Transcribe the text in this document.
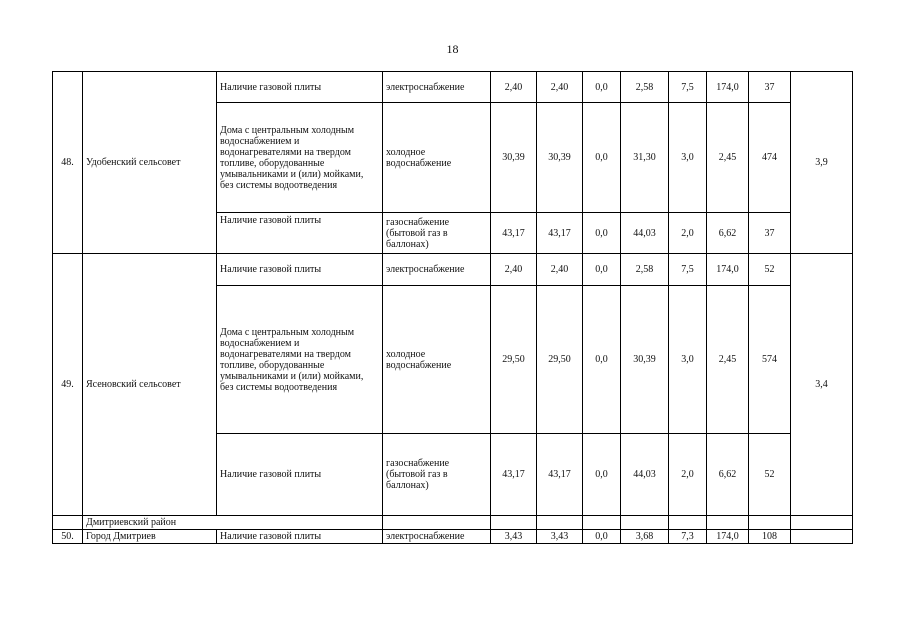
18
48.	Удобенский сельсовет	Наличие газовой плиты	электроснабжение	2,40	2,40	0,0	2,58	7,5	174,0	37	3,9
		Дома с центральным холодным водоснабжением и водонагревателями на твердом топливе, оборудованные умывальниками и (или) мойками, без системы водоотведения	холодное водоснабжение	30,39	30,39	0,0	31,30	3,0	2,45	474	
		Наличие газовой плиты	газоснабжение (бытовой газ в баллонах)	43,17	43,17	0,0	44,03	2,0	6,62	37	
49.	Ясеновский сельсовет	Наличие газовой плиты	электроснабжение	2,40	2,40	0,0	2,58	7,5	174,0	52	3,4
		Дома с центральным холодным водоснабжением и водонагревателями на твердом топливе, оборудованные умывальниками и (или) мойками, без системы водоотведения	холодное водоснабжение	29,50	29,50	0,0	30,39	3,0	2,45	574	
		Наличие газовой плиты	газоснабжение (бытовой газ в баллонах)	43,17	43,17	0,0	44,03	2,0	6,62	52	
	Дмитриевский район										
50.	Город Дмитриев	Наличие газовой плиты	электроснабжение	3,43	3,43	0,0	3,68	7,3	174,0	108	
